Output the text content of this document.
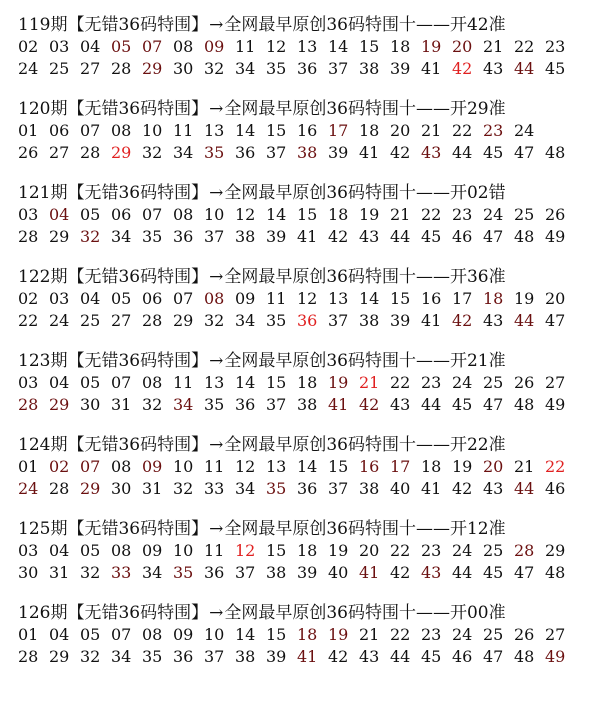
119期【无错36码特围】→全网最早原创36码特围十——开42准
02 03 04 05 07 08 09 11 12 13 14 15 18 19 20 21 22 23
24 25 27 28 29 30 32 34 35 36 37 38 39 41 42 43 44 45
120期【无错36码特围】→全网最早原创36码特围十——开29准
01 06 07 08 10 11 13 14 15 16 17 18 20 21 22 23 24
26 27 28 29 32 34 35 36 37 38 39 41 42 43 44 45 47 48
121期【无错36码特围】→全网最早原创36码特围十——开02错
03 04 05 06 07 08 10 12 14 15 18 19 21 22 23 24 25 26
28 29 32 34 35 36 37 38 39 41 42 43 44 45 46 47 48 49
122期【无错36码特围】→全网最早原创36码特围十——开36准
02 03 04 05 06 07 08 09 11 12 13 14 15 16 17 18 19 20
22 24 25 27 28 29 32 34 35 36 37 38 39 41 42 43 44 47
123期【无错36码特围】→全网最早原创36码特围十——开21准
03 04 05 07 08 11 13 14 15 18 19 21 22 23 24 25 26 27
28 29 30 31 32 34 35 36 37 38 41 42 43 44 45 47 48 49
124期【无错36码特围】→全网最早原创36码特围十——开22准
01 02 07 08 09 10 11 12 13 14 15 16 17 18 19 20 21 22
24 28 29 30 31 32 33 34 35 36 37 38 40 41 42 43 44 46
125期【无错36码特围】→全网最早原创36码特围十——开12准
03 04 05 08 09 10 11 12 15 18 19 20 22 23 24 25 28 29
30 31 32 33 34 35 36 37 38 39 40 41 42 43 44 45 47 48
126期【无错36码特围】→全网最早原创36码特围十——开00准
01 04 05 07 08 09 10 14 15 18 19 21 22 23 24 25 26 27
28 29 32 34 35 36 37 38 39 41 42 43 44 45 46 47 48 49
